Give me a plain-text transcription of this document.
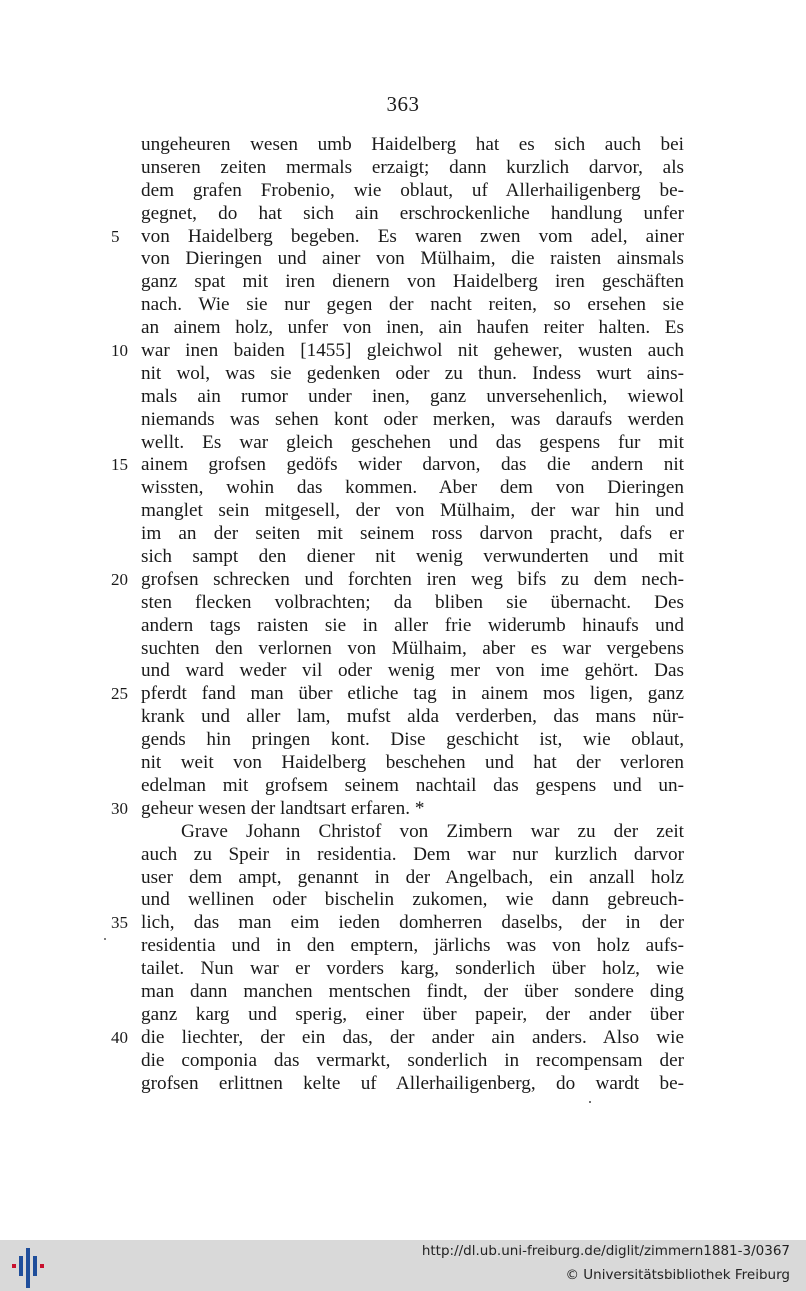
363
ungeheuren wesen umb Haidelberg hat es sich auch bei
unseren zeiten mermals erzaigt; dann kurzlich darvor, als
dem grafen Frobenio, wie oblaut, uf Allerhailigenberg be-
gegnet, do hat sich ain erschrockenliche handlung unfer
5	von Haidelberg begeben. Es waren zwen vom adel, ainer
von Dieringen und ainer von Mülhaim, die raisten ainsmals
ganz spat mit iren dienern von Haidelberg iren geschäften
nach. Wie sie nur gegen der nacht reiten, so ersehen sie
an ainem holz, unfer von inen, ain haufen reiter halten. Es
10 war inen baiden [1455] gleichwol nit gehewer, wusten auch
nit wol, was sie gedenken oder zu thun. Indess wurt ains-
mals ain rumor under inen, ganz unversehenlich, wiewol
niemands was sehen kont oder merken, was daraufs werden
wellt. Es war gleich geschehen und das gespens fur mit
15 ainem grofsen gedöfs wider darvon, das die andern nit
wissten, wohin das kommen. Aber dem von Dieringen
manglet sein mitgesell, der von Mülhaim, der war hin und
im an der seiten mit seinem ross darvon pracht, dafs er
sich sampt den diener nit wenig verwunderten und mit
20 grofsen schrecken und forchten iren weg bifs zu dem nech-
sten flecken volbrachten; da bliben sie übernacht. Des
andern tags raisten sie in aller frie widerumb hinaufs und
suchten den verlornen von Mülhaim, aber es war vergebens
und ward weder vil oder wenig mer von ime gehört. Das
25 pferdt fand man über etliche tag in ainem mos ligen, ganz
krank und aller lam, mufst alda verderben, das mans nür-
gends hin pringen kont. Dise geschicht ist, wie oblaut,
nit weit von Haidelberg beschehen und hat der verloren
edelman mit grofsem seinem nachtail das gespens und un-
30 geheur wesen der landtsart erfaren. *
Grave Johann Christof von Zimbern war zu der zeit
auch zu Speir in residentia. Dem war nur kurzlich darvor
user dem ampt, genannt in der Angelbach, ein anzall holz
und wellinen oder bischelin zukomen, wie dann gebreuch-
35 lich, das man eim ieden domherren daselbs, der in der
residentia und in den emptern, järlichs was von holz aufs-
tailet. Nun war er vorders karg, sonderlich über holz, wie
man dann manchen mentschen findt, der über sondere ding
ganz karg und sperig, einer über papeir, der ander über
40 die liechter, der ein das, der ander ain anders. Also wie
die componia das vermarkt, sonderlich in recompensam der
grofsen erlittnen kelte uf Allerhailigenberg, do wardt be-
http://dl.ub.uni-freiburg.de/diglit/zimmern1881-3/0367
© Universitätsbibliothek Freiburg
